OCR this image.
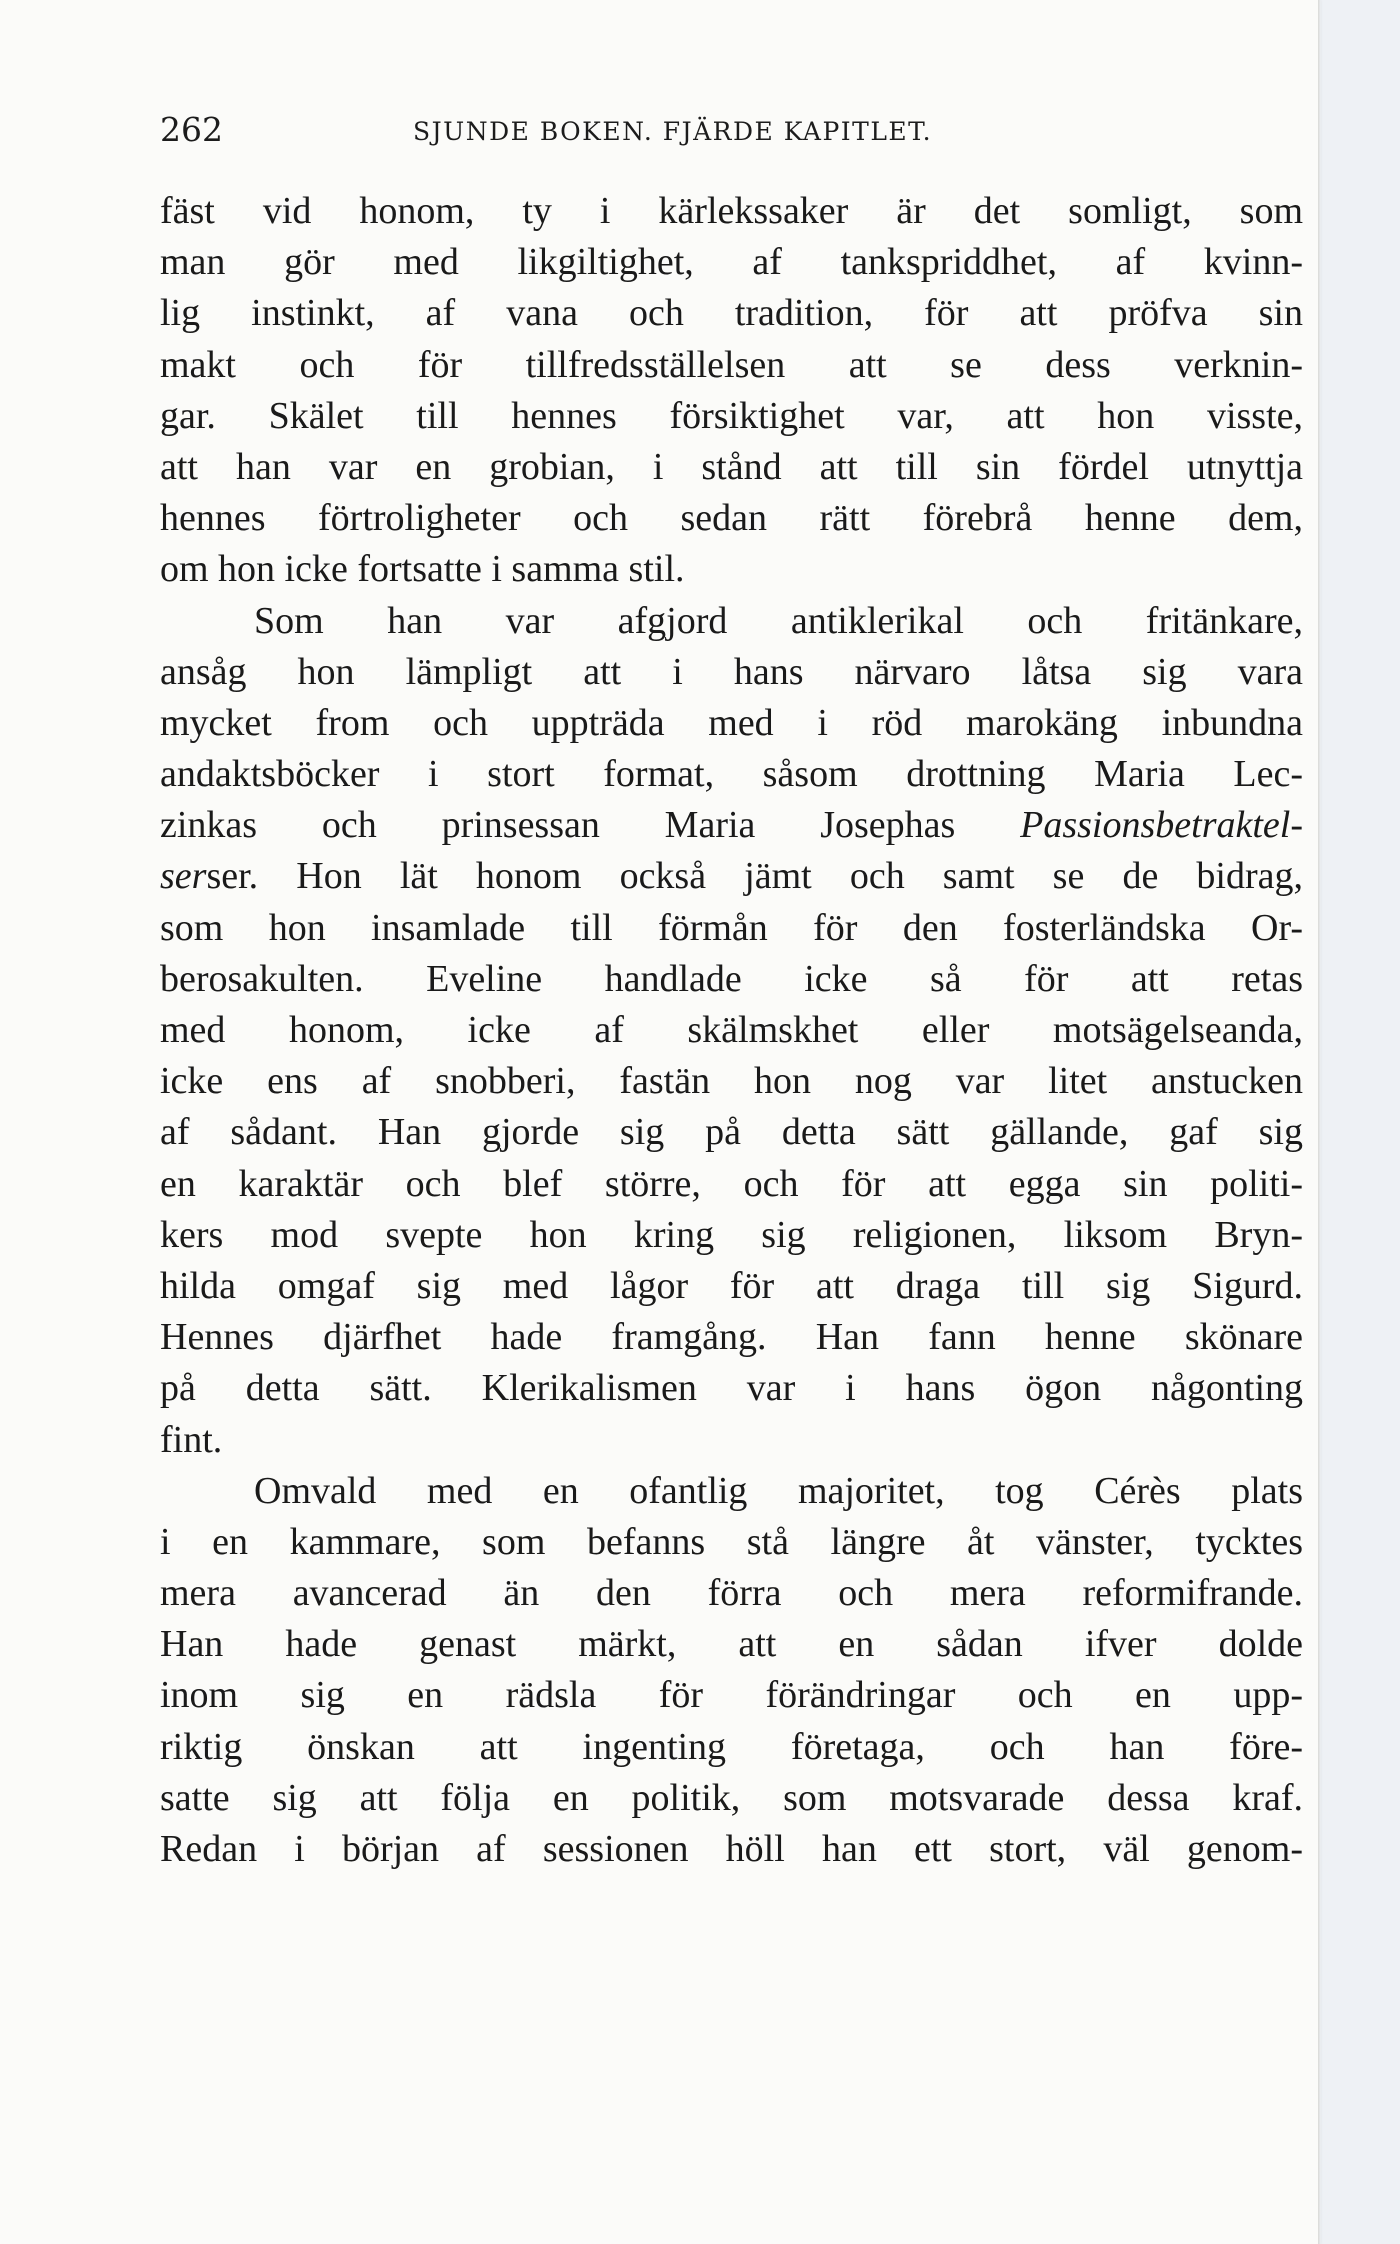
262	SJUNDE BOKEN. FJÄRDE KAPITLET.
fäst vid honom, ty i kärlekssaker är det somligt, som
man gör med likgiltighet, af tankspriddhet, af kvinn-
lig instinkt, af vana och tradition, för att pröfva sin
makt och för tillfredsställelsen att se dess verknin-
gar. Skälet till hennes försiktighet var, att hon visste,
att han var en grobian, i stånd att till sin fördel utnyttja
hennes förtroligheter och sedan rätt förebrå henne dem,
om hon icke fortsatte i samma stil.
Som han var afgjord antiklerikal och fritänkare,
ansåg hon lämpligt att i hans närvaro låtsa sig vara
mycket from och uppträda med i röd marokäng inbundna
andaktsböcker i stort format, såsom drottning Maria Lec-
zinkas och prinsessan Maria Josephas Passionsbetraktel-
serser. Hon lät honom också jämt och samt se de bidrag,
som hon insamlade till förmån för den fosterländska Or-
berosakulten. Eveline handlade icke så för att retas
med honom, icke af skälmskhet eller motsägelseanda,
icke ens af snobberi, fastän hon nog var litet anstucken
af sådant. Han gjorde sig på detta sätt gällande, gaf sig
en karaktär och blef större, och för att egga sin politi-
kers mod svepte hon kring sig religionen, liksom Bryn-
hilda omgaf sig med lågor för att draga till sig Sigurd.
Hennes djärfhet hade framgång. Han fann henne skönare
på detta sätt. Klerikalismen var i hans ögon någonting
fint.
Omvald med en ofantlig majoritet, tog Cérès plats
i en kammare, som befanns stå längre åt vänster, tycktes
mera avancerad än den förra och mera reformifrande.
Han hade genast märkt, att en sådan ifver dolde
inom sig en rädsla för förändringar och en upp-
riktig önskan att ingenting företaga, och han före-
satte sig att följa en politik, som motsvarade dessa kraf.
Redan i början af sessionen höll han ett stort, väl genom-
